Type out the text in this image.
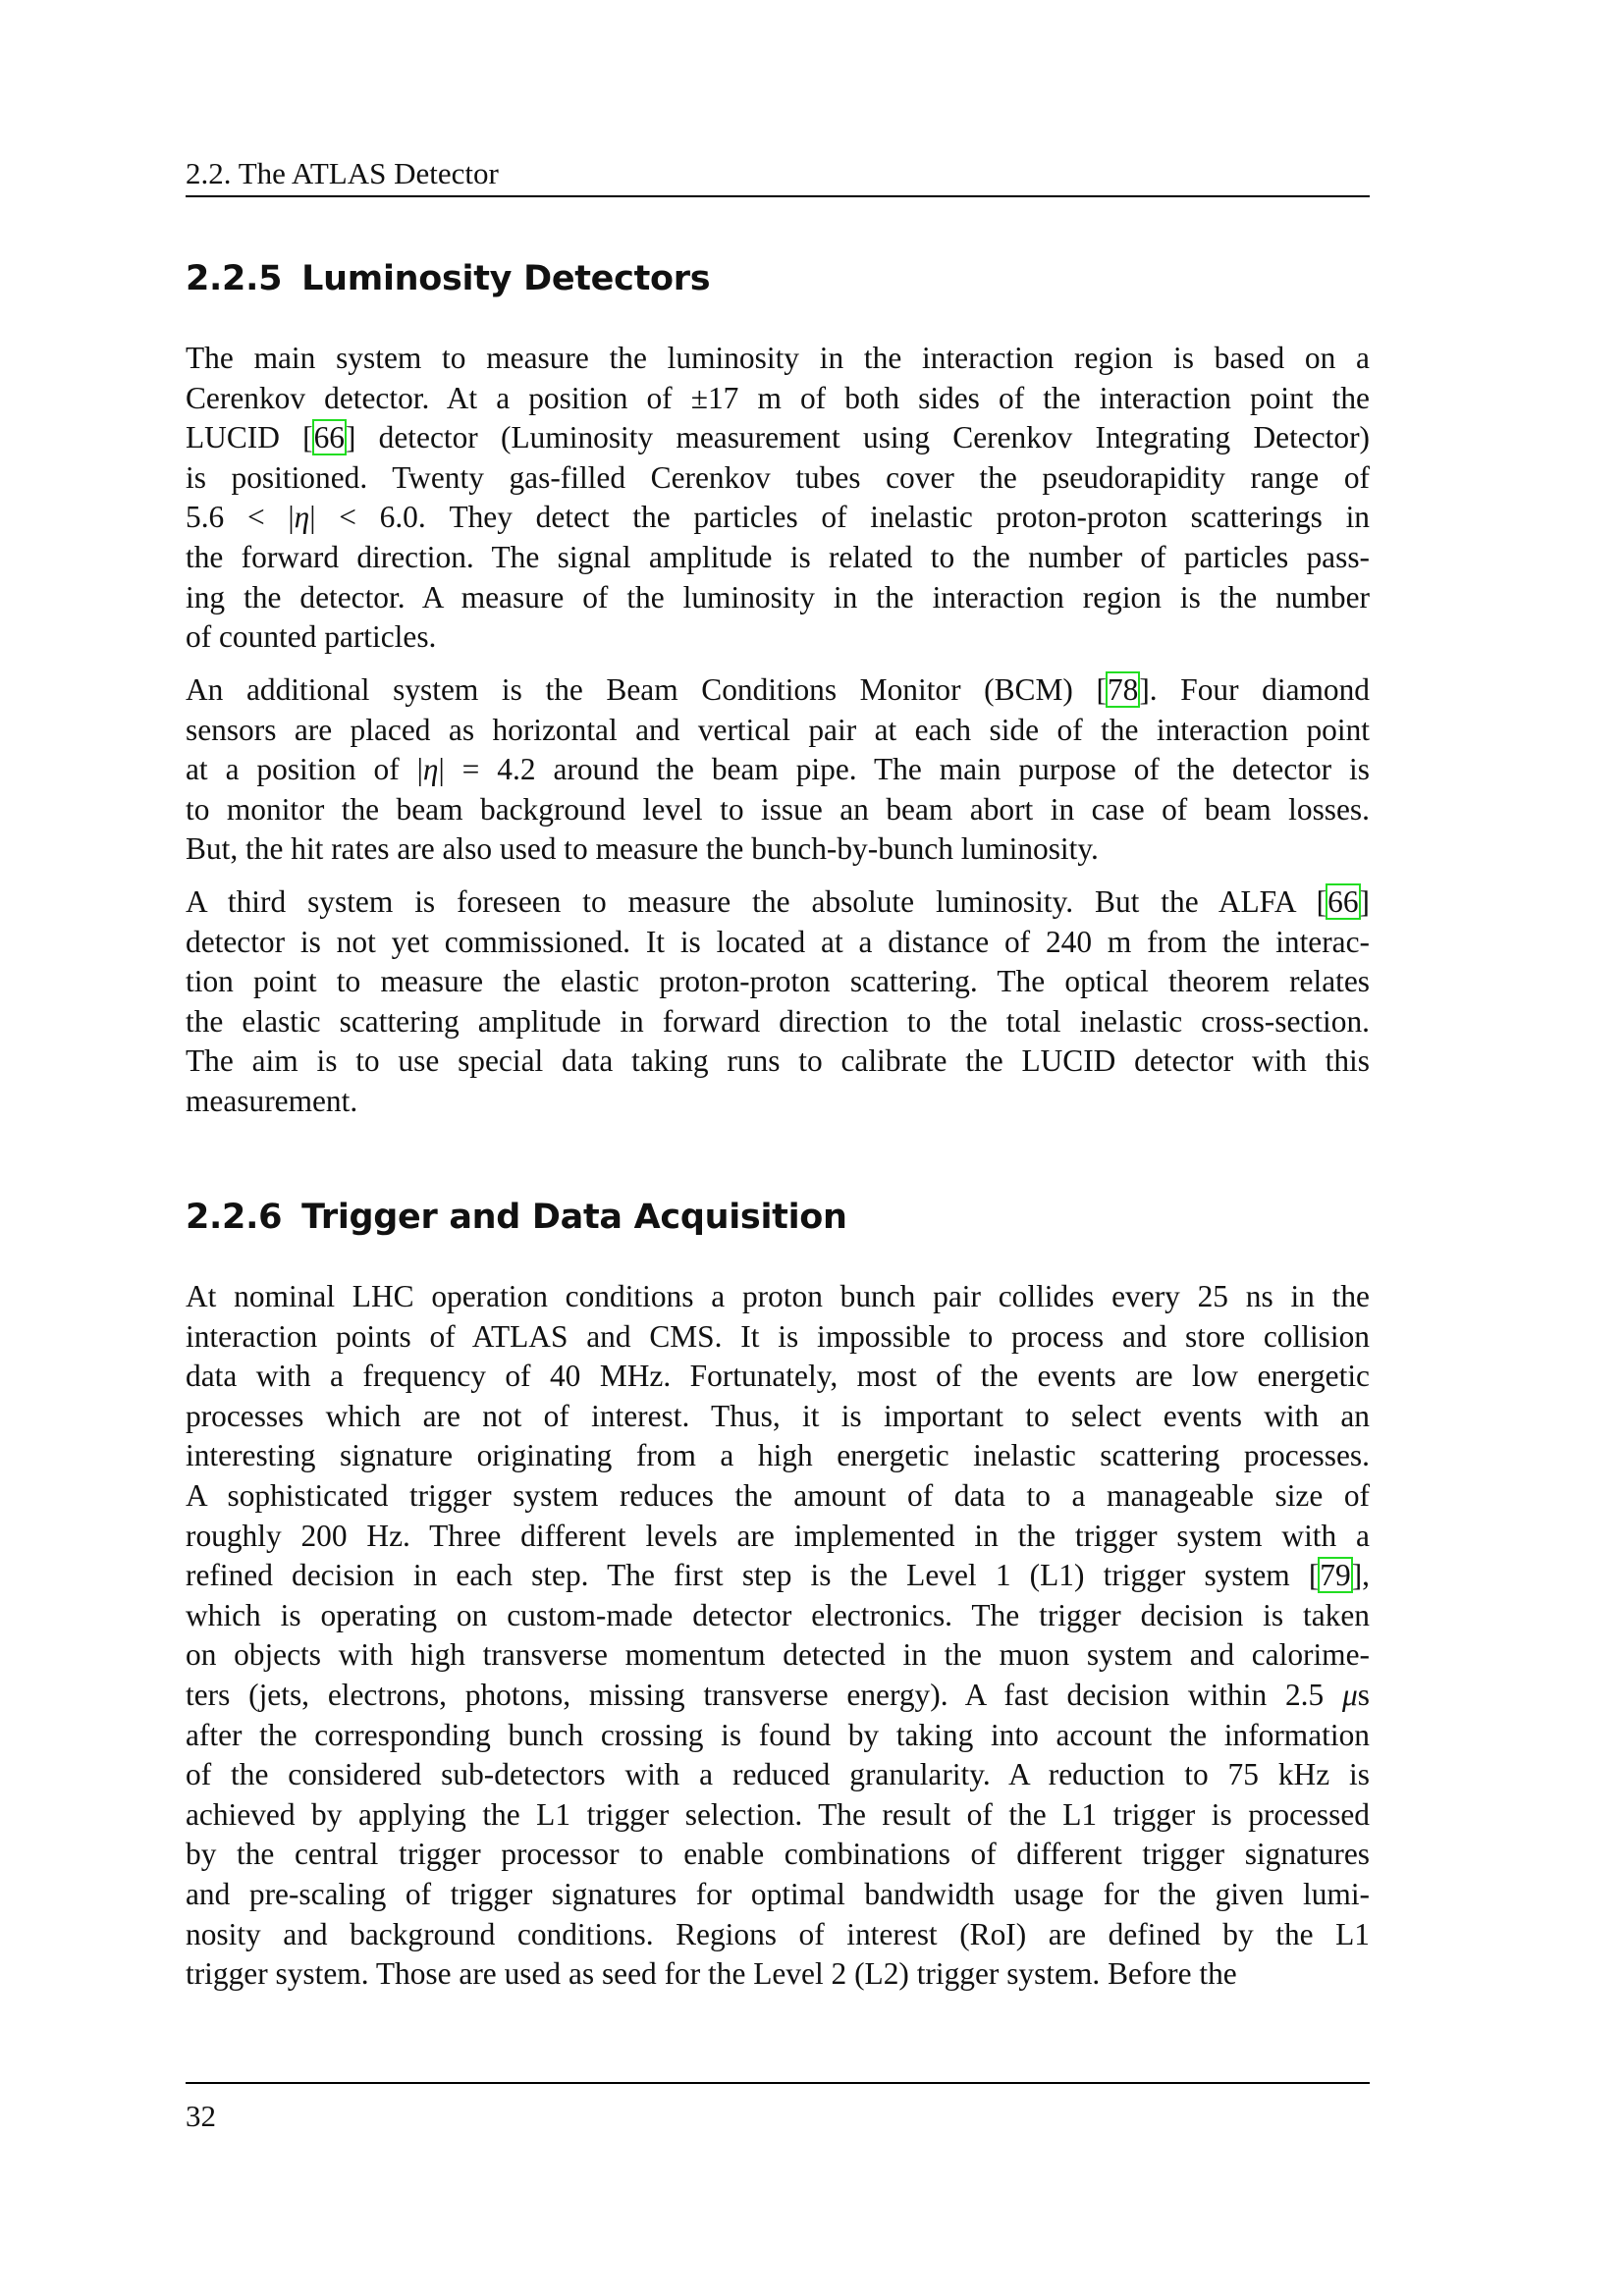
2.2. The ATLAS Detector
2.2.5 Luminosity Detectors
The main system to measure the luminosity in the interaction region is based on a
Cerenkov detector. At a position of ±17 m of both sides of the interaction point the
LUCID [66] detector (Luminosity measurement using Cerenkov Integrating Detector)
is positioned. Twenty gas-filled Cerenkov tubes cover the pseudorapidity range of
5.6 < |η| < 6.0. They detect the particles of inelastic proton-proton scatterings in
the forward direction. The signal amplitude is related to the number of particles pass-
ing the detector. A measure of the luminosity in the interaction region is the number
of counted particles.
An additional system is the Beam Conditions Monitor (BCM) [78]. Four diamond
sensors are placed as horizontal and vertical pair at each side of the interaction point
at a position of |η| = 4.2 around the beam pipe. The main purpose of the detector is
to monitor the beam background level to issue an beam abort in case of beam losses.
But, the hit rates are also used to measure the bunch-by-bunch luminosity.
A third system is foreseen to measure the absolute luminosity. But the ALFA [66]
detector is not yet commissioned. It is located at a distance of 240 m from the interac-
tion point to measure the elastic proton-proton scattering. The optical theorem relates
the elastic scattering amplitude in forward direction to the total inelastic cross-section.
The aim is to use special data taking runs to calibrate the LUCID detector with this
measurement.
2.2.6 Trigger and Data Acquisition
At nominal LHC operation conditions a proton bunch pair collides every 25 ns in the
interaction points of ATLAS and CMS. It is impossible to process and store collision
data with a frequency of 40 MHz. Fortunately, most of the events are low energetic
processes which are not of interest. Thus, it is important to select events with an
interesting signature originating from a high energetic inelastic scattering processes.
A sophisticated trigger system reduces the amount of data to a manageable size of
roughly 200 Hz. Three different levels are implemented in the trigger system with a
refined decision in each step. The first step is the Level 1 (L1) trigger system [79],
which is operating on custom-made detector electronics. The trigger decision is taken
on objects with high transverse momentum detected in the muon system and calorime-
ters (jets, electrons, photons, missing transverse energy). A fast decision within 2.5 μs
after the corresponding bunch crossing is found by taking into account the information
of the considered sub-detectors with a reduced granularity. A reduction to 75 kHz is
achieved by applying the L1 trigger selection. The result of the L1 trigger is processed
by the central trigger processor to enable combinations of different trigger signatures
and pre-scaling of trigger signatures for optimal bandwidth usage for the given lumi-
nosity and background conditions. Regions of interest (RoI) are defined by the L1
trigger system. Those are used as seed for the Level 2 (L2) trigger system. Before the
32
